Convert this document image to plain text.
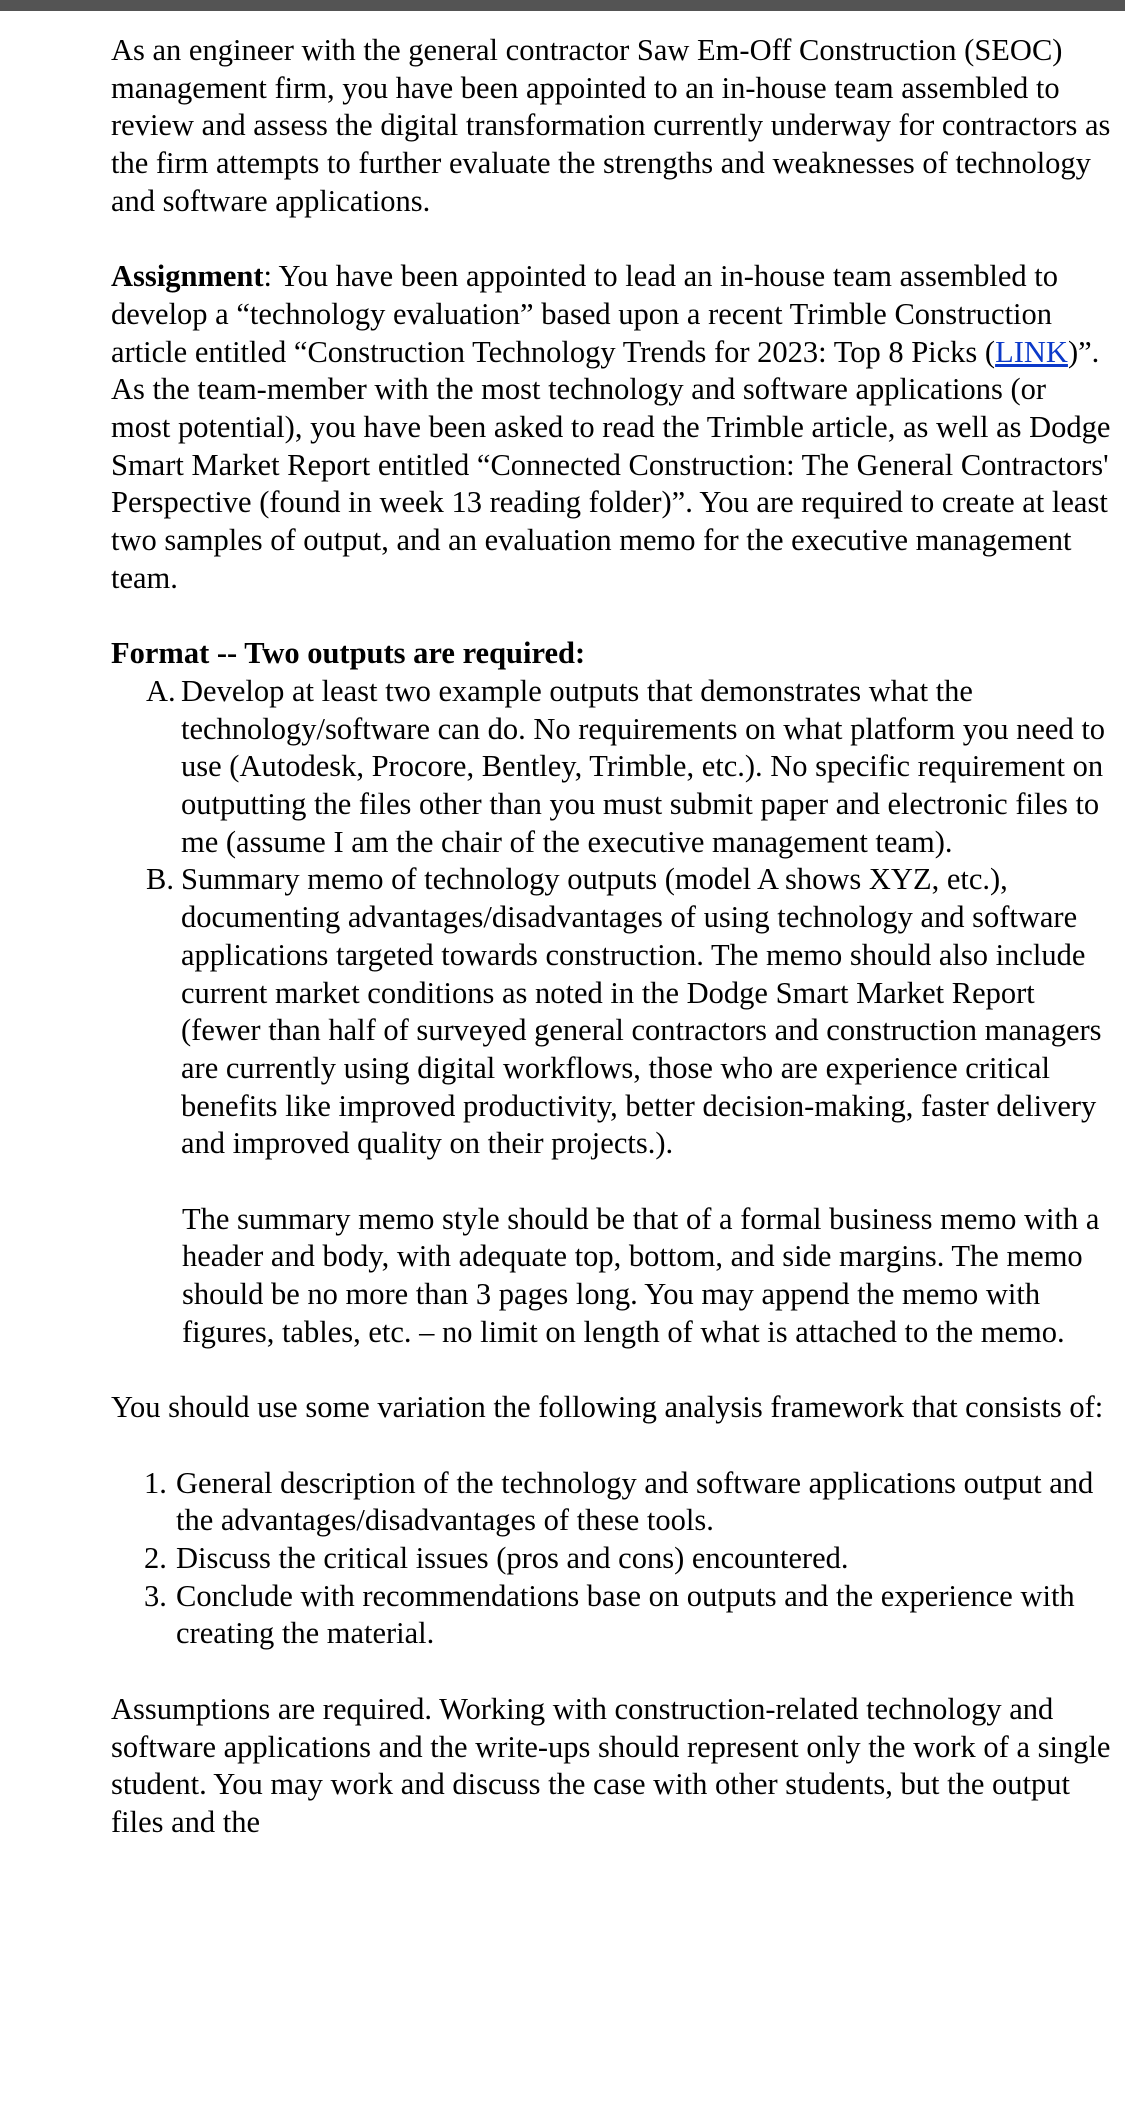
As an engineer with the general contractor Saw Em-Off Construction (SEOC) management firm, you have been appointed to an in-house team assembled to review and assess the digital transformation currently underway for contractors as the firm attempts to further evaluate the strengths and weaknesses of technology and software applications.

Assignment: You have been appointed to lead an in-house team assembled to develop a “technology evaluation” based upon a recent Trimble Construction article entitled “Construction Technology Trends for 2023: Top 8 Picks (LINK)”. As the team-member with the most technology and software applications (or most potential), you have been asked to read the Trimble article, as well as Dodge Smart Market Report entitled “Connected Construction: The General Contractors' Perspective (found in week 13 reading folder)”. You are required to create at least two samples of output, and an evaluation memo for the executive management team.

Format -- Two outputs are required:

A. Develop at least two example outputs that demonstrates what the technology/software can do. No requirements on what platform you need to use (Autodesk, Procore, Bentley, Trimble, etc.). No specific requirement on outputting the files other than you must submit paper and electronic files to me (assume I am the chair of the executive management team).
B. Summary memo of technology outputs (model A shows XYZ, etc.), documenting advantages/disadvantages of using technology and software applications targeted towards construction. The memo should also include current market conditions as noted in the Dodge Smart Market Report (fewer than half of surveyed general contractors and construction managers are currently using digital workflows, those who are experience critical benefits like improved productivity, better decision-making, faster delivery and improved quality on their projects.).

The summary memo style should be that of a formal business memo with a header and body, with adequate top, bottom, and side margins. The memo should be no more than 3 pages long. You may append the memo with figures, tables, etc. – no limit on length of what is attached to the memo.

You should use some variation the following analysis framework that consists of:

1. General description of the technology and software applications output and the advantages/disadvantages of these tools.
2. Discuss the critical issues (pros and cons) encountered.
3. Conclude with recommendations base on outputs and the experience with creating the material.

Assumptions are required. Working with construction-related technology and software applications and the write-ups should represent only the work of a single student. You may work and discuss the case with other students, but the output files and the
